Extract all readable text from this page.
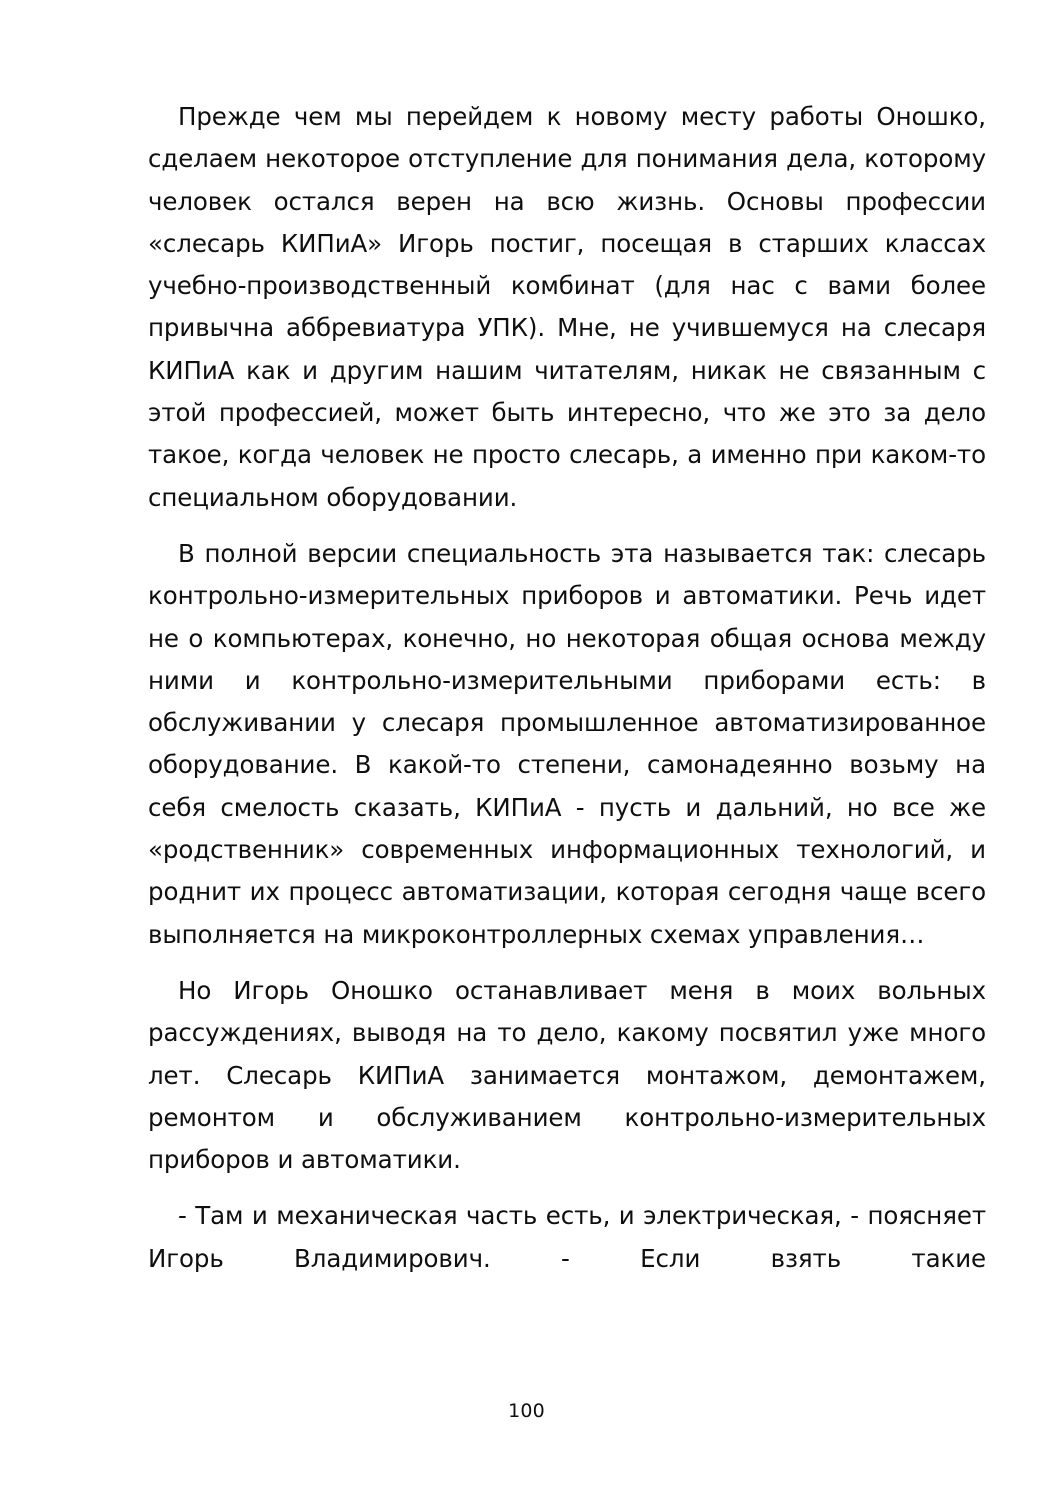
Прежде чем мы перейдем к новому месту работы Оношко, сделаем некоторое отступление для понимания дела, которому человек остался верен на всю жизнь. Основы профессии «слесарь КИПиА» Игорь постиг, посещая в старших классах учебно-производственный комбинат (для нас с вами более привычна аббревиатура УПК). Мне, не учившемуся на слесаря КИПиА как и другим нашим читателям, никак не связанным с этой профессией, может быть интересно, что же это за дело такое, когда человек не просто слесарь, а именно при каком-то специальном оборудовании.

В полной версии специальность эта называется так: слесарь контрольно-измерительных приборов и автоматики. Речь идет не о компьютерах, конечно, но некоторая общая основа между ними и контрольно-измерительными приборами есть: в обслуживании у слесаря промышленное автоматизированное оборудование. В какой-то степени, самонадеянно возьму на себя смелость сказать, КИПиА - пусть и дальний, но все же «родственник» современных информационных технологий, и роднит их процесс автоматизации, которая сегодня чаще всего выполняется на микроконтроллерных схемах управления…

Но Игорь Оношко останавливает меня в моих вольных рассуждениях, выводя на то дело, какому посвятил уже много лет. Слесарь КИПиА занимается монтажом, демонтажем, ремонтом и обслуживанием контрольно-измерительных приборов и автоматики.

- Там и механическая часть есть, и электрическая, - поясняет Игорь Владимирович. - Если взять такие

100
